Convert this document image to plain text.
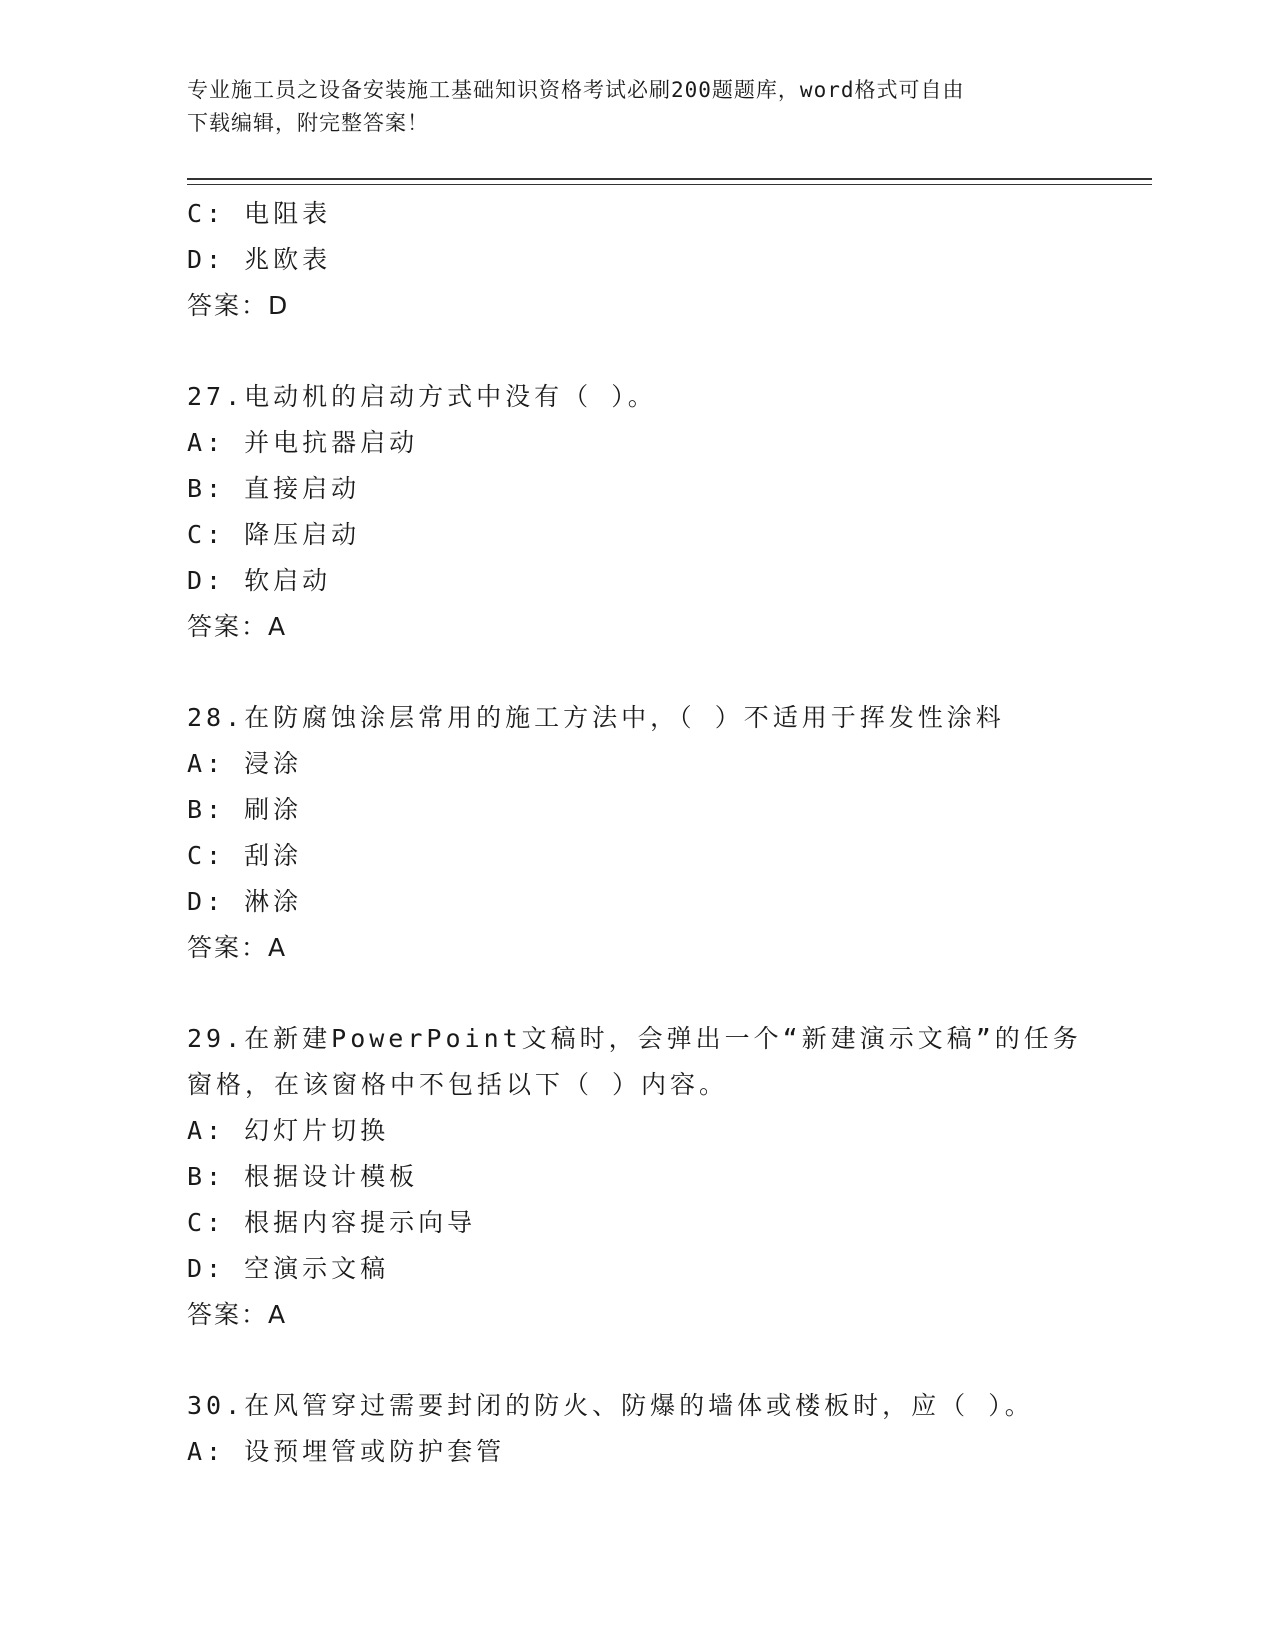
专业施工员之设备安装施工基础知识资格考试必刷200题题库，word格式可自由
下载编辑，附完整答案！
C: 电阻表
D: 兆欧表
答案：D
27.电动机的启动方式中没有（ ）。
A: 并电抗器启动
B: 直接启动
C: 降压启动
D: 软启动
答案：A
28.在防腐蚀涂层常用的施工方法中，（ ）不适用于挥发性涂料
A: 浸涂
B: 刷涂
C: 刮涂
D: 淋涂
答案：A
29.在新建PowerPoint文稿时，会弹出一个“新建演示文稿”的任务
窗格，在该窗格中不包括以下（ ）内容。
A: 幻灯片切换
B: 根据设计模板
C: 根据内容提示向导
D: 空演示文稿
答案：A
30.在风管穿过需要封闭的防火、防爆的墙体或楼板时，应（ ）。
A: 设预埋管或防护套管
